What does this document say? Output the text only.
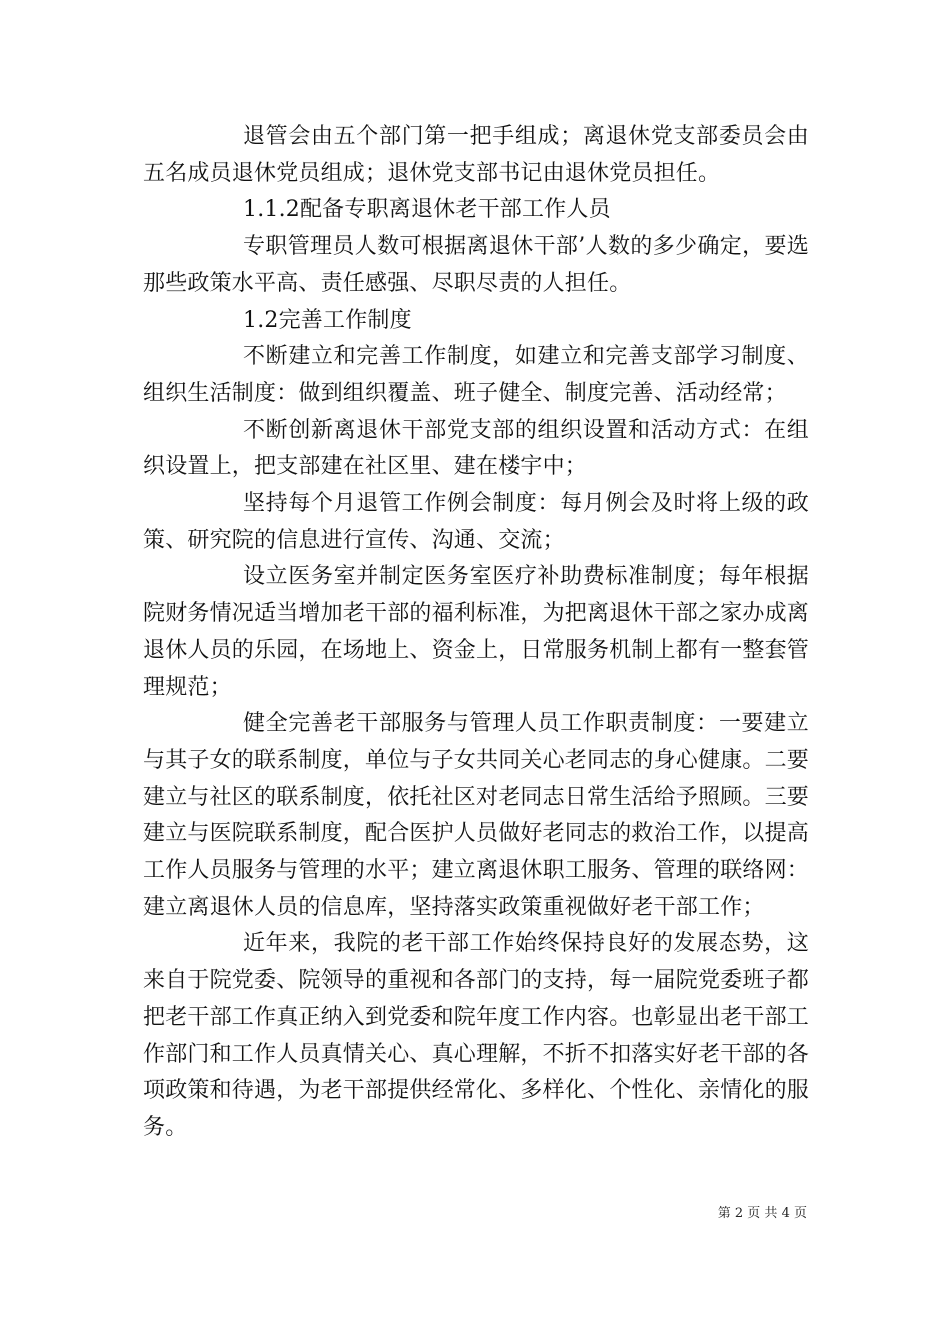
退管会由五个部门第一把手组成；离退休党支部委员会由五名成员退休党员组成；退休党支部书记由退休党员担任。

1.1.2配备专职离退休老干部工作人员

专职管理员人数可根据离退休干部’人数的多少确定，要选那些政策水平高、责任感强、尽职尽责的人担任。

1.2完善工作制度

不断建立和完善工作制度，如建立和完善支部学习制度、组织生活制度：做到组织覆盖、班子健全、制度完善、活动经常；

不断创新离退休干部党支部的组织设置和活动方式：在组织设置上，把支部建在社区里、建在楼宇中；

坚持每个月退管工作例会制度：每月例会及时将上级的政策、研究院的信息进行宣传、沟通、交流；

设立医务室并制定医务室医疗补助费标准制度；每年根据院财务情况适当增加老干部的福利标准，为把离退休干部之家办成离退休人员的乐园，在场地上、资金上，日常服务机制上都有一整套管理规范；

健全完善老干部服务与管理人员工作职责制度：一要建立与其子女的联系制度，单位与子女共同关心老同志的身心健康。二要建立与社区的联系制度，依托社区对老同志日常生活给予照顾。三要建立与医院联系制度，配合医护人员做好老同志的救治工作，以提高工作人员服务与管理的水平；建立离退休职工服务、管理的联络网：建立离退休人员的信息库，坚持落实政策重视做好老干部工作；

近年来，我院的老干部工作始终保持良好的发展态势，这来自于院党委、院领导的重视和各部门的支持，每一届院党委班子都把老干部工作真正纳入到党委和院年度工作内容。也彰显出老干部工作部门和工作人员真情关心、真心理解，不折不扣落实好老干部的各项政策和待遇，为老干部提供经常化、多样化、个性化、亲情化的服务。

第 2 页 共 4 页
